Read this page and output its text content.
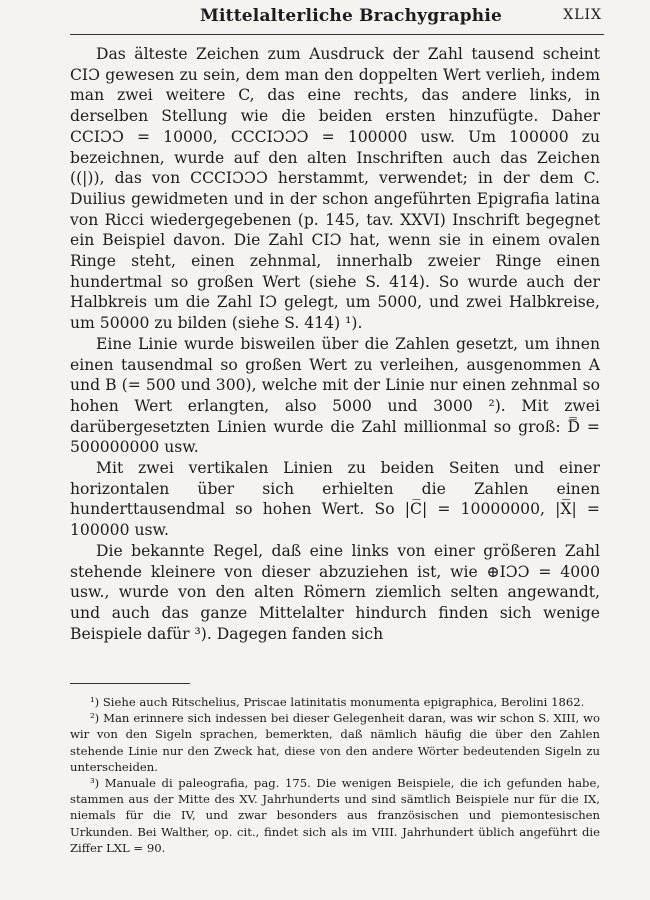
Mittelalterliche Brachygraphie	XLIX

Das älteste Zeichen zum Ausdruck der Zahl tausend scheint CIƆ gewesen zu sein, dem man den doppelten Wert verlieh, indem man zwei weitere C, das eine rechts, das andere links, in derselben Stellung wie die beiden ersten hinzufügte. Daher CCIƆƆ = 10000, CCCIƆƆƆ = 100000 usw. Um 100000 zu bezeichnen, wurde auf den alten Inschriften auch das Zeichen ((|)), das von CCCIƆƆƆ herstammt, verwendet; in der dem C. Duilius gewidmeten und in der schon angeführten Epigrafia latina von Ricci wiedergegebenen (p. 145, tav. XXVI) Inschrift begegnet ein Beispiel davon. Die Zahl CIƆ hat, wenn sie in einem ovalen Ringe steht, einen zehnmal, innerhalb zweier Ringe einen hundertmal so großen Wert (siehe S. 414). So wurde auch der Halbkreis um die Zahl IƆ gelegt, um 5000, und zwei Halbkreise, um 50000 zu bilden (siehe S. 414) ¹).

Eine Linie wurde bisweilen über die Zahlen gesetzt, um ihnen einen tausendmal so großen Wert zu verleihen, ausgenommen A und B (= 500 und 300), welche mit der Linie nur einen zehnmal so hohen Wert erlangten, also 5000 und 3000 ²). Mit zwei darübergesetzten Linien wurde die Zahl millionmal so groß: D̿ = 500000000 usw.

Mit zwei vertikalen Linien zu beiden Seiten und einer horizontalen über sich erhielten die Zahlen einen hunderttausendmal so hohen Wert. So |C̅| = 10000000, |X̅| = 100000 usw.

Die bekannte Regel, daß eine links von einer größeren Zahl stehende kleinere von dieser abzuziehen ist, wie ⊕IƆƆ = 4000 usw., wurde von den alten Römern ziemlich selten angewandt, und auch das ganze Mittelalter hindurch finden sich wenige Beispiele dafür ³). Dagegen fanden sich

¹) Siehe auch Ritschelius, Priscae latinitatis monumenta epigraphica, Berolini 1862.

²) Man erinnere sich indessen bei dieser Gelegenheit daran, was wir schon S. XIII, wo wir von den Sigeln sprachen, bemerkten, daß nämlich häufig die über den Zahlen stehende Linie nur den Zweck hat, diese von den andere Wörter bedeutenden Sigeln zu unterscheiden.

³) Manuale di paleografia, pag. 175. Die wenigen Beispiele, die ich gefunden habe, stammen aus der Mitte des XV. Jahrhunderts und sind sämtlich Beispiele nur für die IX, niemals für die IV, und zwar besonders aus französischen und piemontesischen Urkunden. Bei Walther, op. cit., findet sich als im VIII. Jahrhundert üblich angeführt die Ziffer LXL = 90.
